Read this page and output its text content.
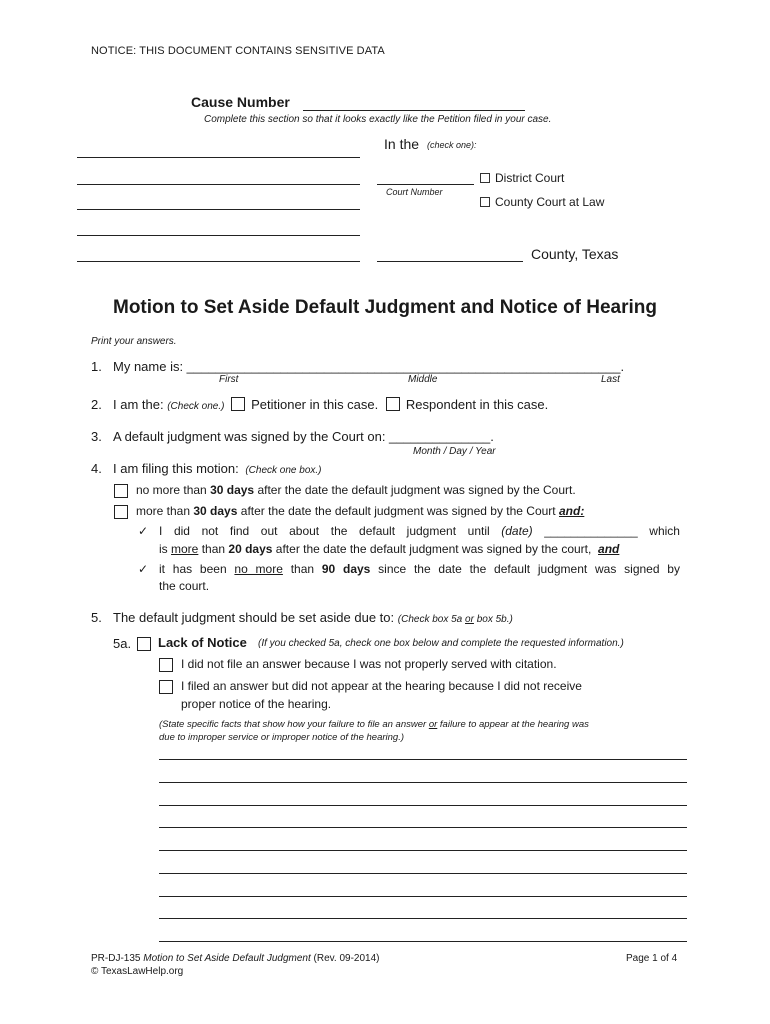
NOTICE: THIS DOCUMENT CONTAINS SENSITIVE DATA
Cause Number
Complete this section so that it looks exactly like the Petition filed in your case.
In the (check one):
Court Number
District Court
County Court at Law
County, Texas
Motion to Set Aside Default Judgment and Notice of Hearing
Print your answers.
1. My name is: ____________________________________________________________.
First	Middle	Last
2. I am the: (Check one.) Petitioner in this case. Respondent in this case.
3. A default judgment was signed by the Court on: ______________.
Month / Day / Year
4. I am filing this motion: (Check one box.)
no more than 30 days after the date the default judgment was signed by the Court.
more than 30 days after the date the default judgment was signed by the Court and:
✓ I did not find out about the default judgment until (date) ______________ which
is more than 20 days after the date the default judgment was signed by the court, and
✓ it has been no more than 90 days since the date the default judgment was signed by
the court.
5. The default judgment should be set aside due to: (Check box 5a or box 5b.)
5a. Lack of Notice (If you checked 5a, check one box below and complete the requested information.)
I did not file an answer because I was not properly served with citation.
I filed an answer but did not appear at the hearing because I did not receive
proper notice of the hearing.
(State specific facts that show how your failure to file an answer or failure to appear at the hearing was
due to improper service or improper notice of the hearing.)
PR-DJ-135 Motion to Set Aside Default Judgment (Rev. 09-2014)
© TexasLawHelp.org
Page 1 of 4
